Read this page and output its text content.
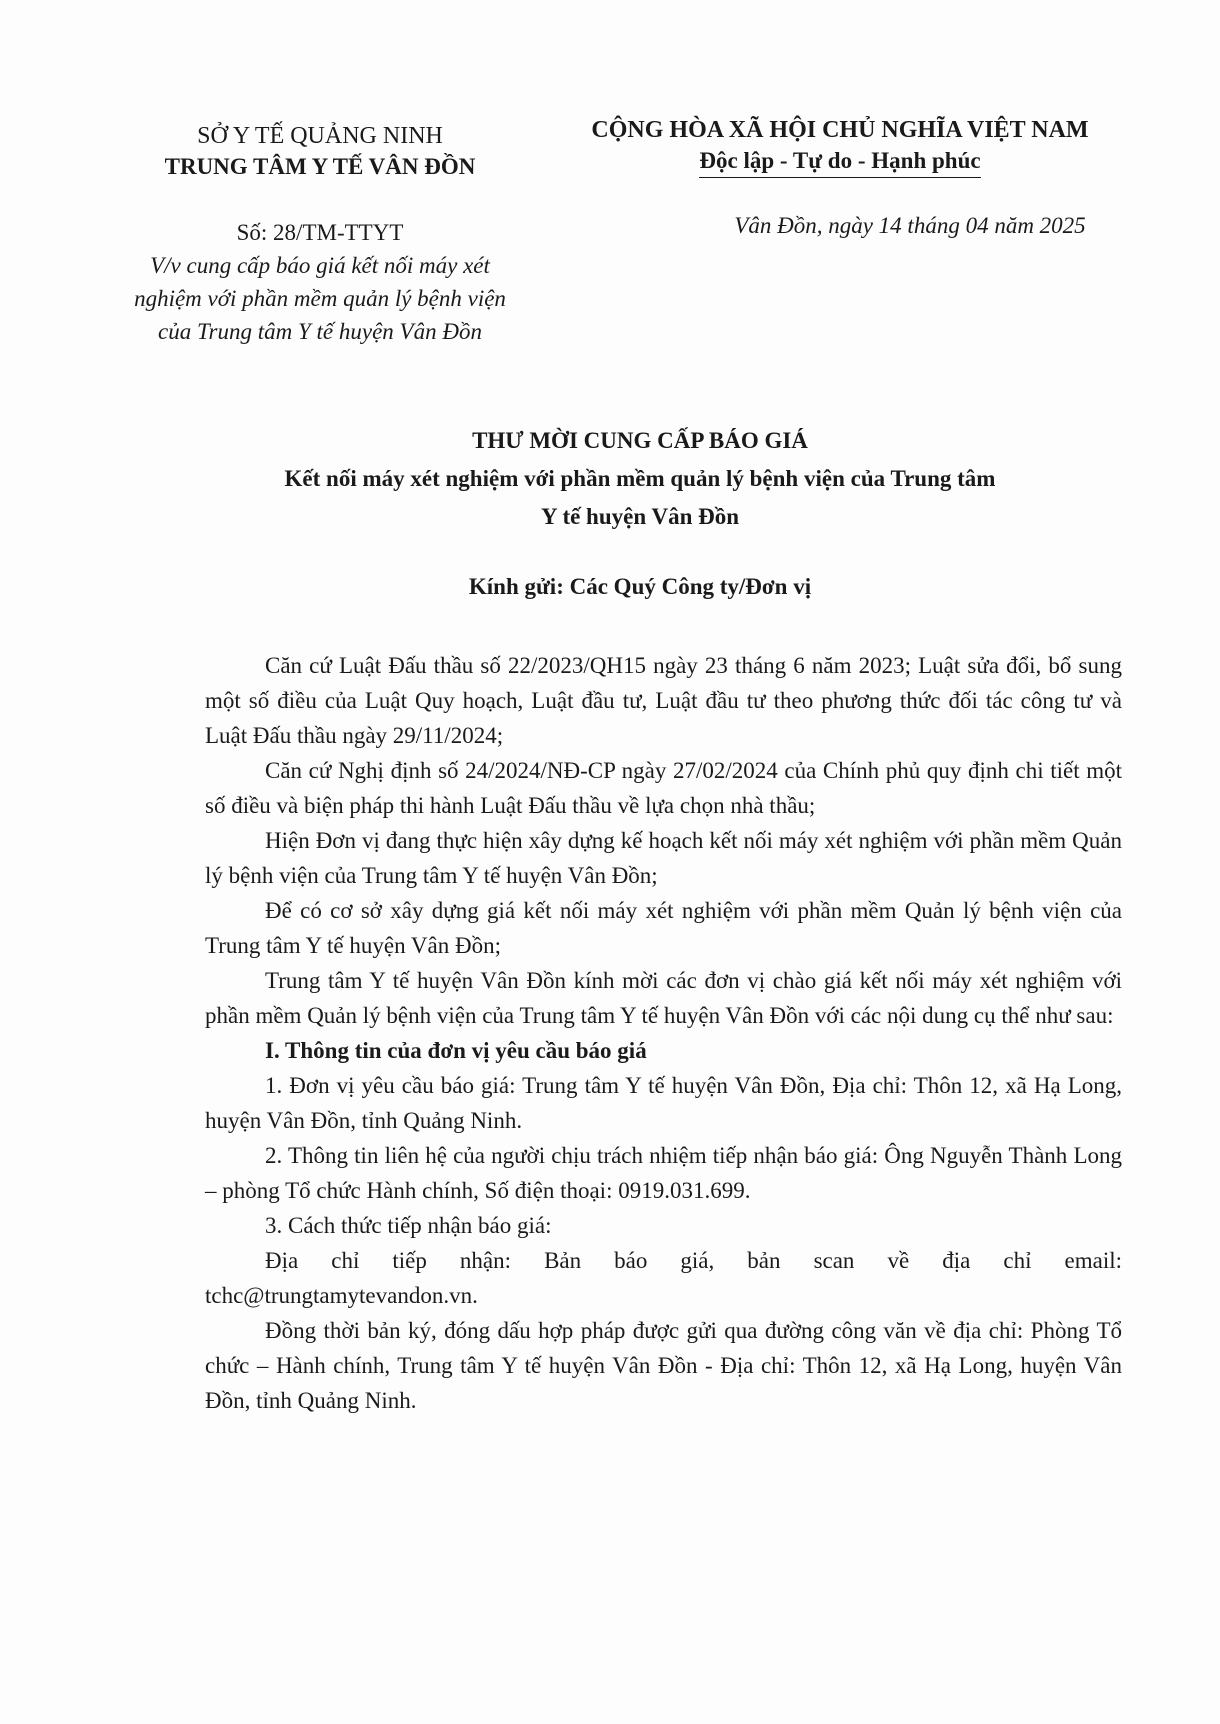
SỞ Y TẾ QUẢNG NINH
TRUNG TÂM Y TẾ VÂN ĐỒN
CỘNG HÒA XÃ HỘI CHỦ NGHĨA VIỆT NAM
Độc lập - Tự do - Hạnh phúc
Số: 28/TM-TTYT
V/v cung cấp báo giá kết nối máy xét nghiệm với phần mềm quản lý bệnh viện của Trung tâm Y tế huyện Vân Đồn
Vân Đồn, ngày 14 tháng 04 năm 2025
THƯ MỜI CUNG CẤP BÁO GIÁ
Kết nối máy xét nghiệm với phần mềm quản lý bệnh viện của Trung tâm Y tế huyện Vân Đồn
Kính gửi: Các Quý Công ty/Đơn vị

Căn cứ Luật Đấu thầu số 22/2023/QH15 ngày 23 tháng 6 năm 2023; Luật sửa đổi, bổ sung một số điều của Luật Quy hoạch, Luật đầu tư, Luật đầu tư theo phương thức đối tác công tư và Luật Đấu thầu ngày 29/11/2024;

Căn cứ Nghị định số 24/2024/NĐ-CP ngày 27/02/2024 của Chính phủ quy định chi tiết một số điều và biện pháp thi hành Luật Đấu thầu về lựa chọn nhà thầu;

Hiện Đơn vị đang thực hiện xây dựng kế hoạch kết nối máy xét nghiệm với phần mềm Quản lý bệnh viện của Trung tâm Y tế huyện Vân Đồn;

Để có cơ sở xây dựng giá kết nối máy xét nghiệm với phần mềm Quản lý bệnh viện của Trung tâm Y tế huyện Vân Đồn;

Trung tâm Y tế huyện Vân Đồn kính mời các đơn vị chào giá kết nối máy xét nghiệm với phần mềm Quản lý bệnh viện của Trung tâm Y tế huyện Vân Đồn với các nội dung cụ thể như sau:

I. Thông tin của đơn vị yêu cầu báo giá

1. Đơn vị yêu cầu báo giá: Trung tâm Y tế huyện Vân Đồn, Địa chỉ: Thôn 12, xã Hạ Long, huyện Vân Đồn, tỉnh Quảng Ninh.

2. Thông tin liên hệ của người chịu trách nhiệm tiếp nhận báo giá: Ông Nguyễn Thành Long – phòng Tổ chức Hành chính, Số điện thoại: 0919.031.699.

3. Cách thức tiếp nhận báo giá:

Địa chỉ tiếp nhận: Bản báo giá, bản scan về địa chỉ email:

tchc@trungtamytevandon.vn.

Đồng thời bản ký, đóng dấu hợp pháp được gửi qua đường công văn về địa chỉ: Phòng Tổ chức – Hành chính, Trung tâm Y tế huyện Vân Đồn - Địa chỉ: Thôn 12, xã Hạ Long, huyện Vân Đồn, tỉnh Quảng Ninh.
